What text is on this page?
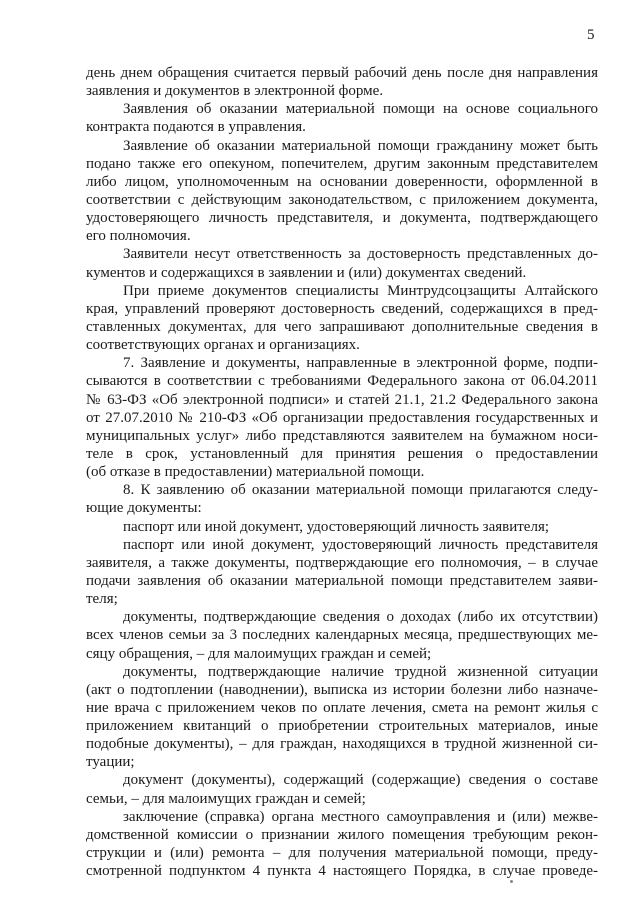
5
день днем обращения считается первый рабочий день после дня направления
заявления и документов в электронной форме.
Заявления об оказании материальной помощи на основе социального
контракта подаются в управления.
Заявление об оказании материальной помощи гражданину может быть
подано также его опекуном, попечителем, другим законным представителем
либо лицом, уполномоченным на основании доверенности, оформленной в
соответствии с действующим законодательством, с приложением документа,
удостоверяющего личность представителя, и документа, подтверждающего
его полномочия.
Заявители несут ответственность за достоверность представленных до-
кументов и содержащихся в заявлении и (или) документах сведений.
При приеме документов специалисты Минтрудсоцзащиты Алтайского
края, управлений проверяют достоверность сведений, содержащихся в пред-
ставленных документах, для чего запрашивают дополнительные сведения в
соответствующих органах и организациях.
7. Заявление и документы, направленные в электронной форме, подпи-
сываются в соответствии с требованиями Федерального закона от 06.04.2011
№ 63-ФЗ «Об электронной подписи» и статей 21.1, 21.2 Федерального закона
от 27.07.2010 № 210-ФЗ «Об организации предоставления государственных и
муниципальных услуг» либо представляются заявителем на бумажном носи-
теле в срок, установленный для принятия решения о предоставлении
(об отказе в предоставлении) материальной помощи.
8. К заявлению об оказании материальной помощи прилагаются следу-
ющие документы:
паспорт или иной документ, удостоверяющий личность заявителя;
паспорт или иной документ, удостоверяющий личность представителя
заявителя, а также документы, подтверждающие его полномочия, – в случае
подачи заявления об оказании материальной помощи представителем заяви-
теля;
документы, подтверждающие сведения о доходах (либо их отсутствии)
всех членов семьи за 3 последних календарных месяца, предшествующих ме-
сяцу обращения, – для малоимущих граждан и семей;
документы, подтверждающие наличие трудной жизненной ситуации
(акт о подтоплении (наводнении), выписка из истории болезни либо назначе-
ние врача с приложением чеков по оплате лечения, смета на ремонт жилья с
приложением квитанций о приобретении строительных материалов, иные
подобные документы), – для граждан, находящихся в трудной жизненной си-
туации;
документ (документы), содержащий (содержащие) сведения о составе
семьи, – для малоимущих граждан и семей;
заключение (справка) органа местного самоуправления и (или) межве-
домственной комиссии о признании жилого помещения требующим рекон-
струкции и (или) ремонта – для получения материальной помощи, преду-
смотренной подпунктом 4 пункта 4 настоящего Порядка, в случае проведе-
